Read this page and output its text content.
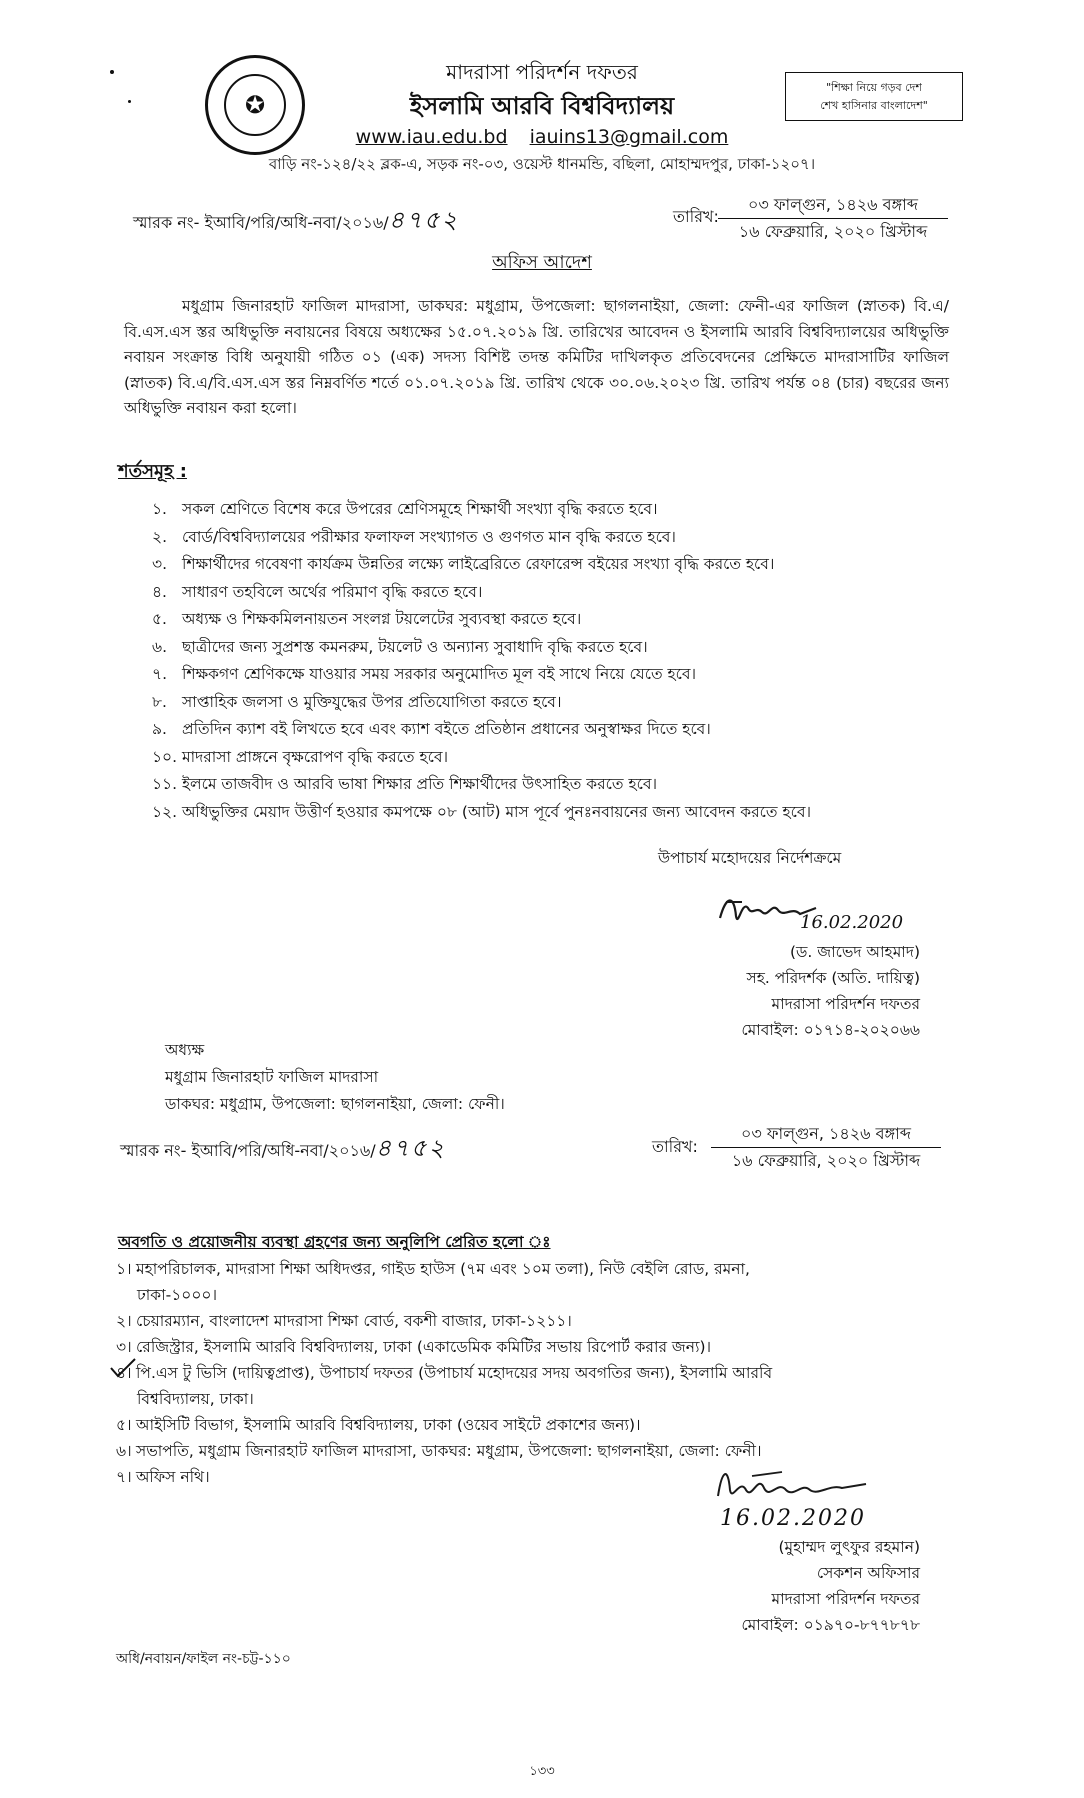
✪
মাদরাসা পরিদর্শন দফতর
ইসলামি আরবি বিশ্ববিদ্যালয়
www.iau.edu.bd iauins13@gmail.com
বাড়ি নং-১২৪/২২ ব্লক-এ, সড়ক নং-০৩, ওয়েস্ট ধানমন্ডি, বছিলা, মোহাম্মদপুর, ঢাকা-১২০৭।
"শিক্ষা নিয়ে গড়ব দেশ
শেখ হাসিনার বাংলাদেশ"
স্মারক নং- ইআবি/পরি/অধি-নবা/২০১৬/৪৭৫২	তারিখ:
০৩ ফাল্গুন, ১৪২৬ বঙ্গাব্দ
১৬ ফেব্রুয়ারি, ২০২০ খ্রিস্টাব্দ
অফিস আদেশ
মধুগ্রাম জিনারহাট ফাজিল মাদরাসা, ডাকঘর: মধুগ্রাম, উপজেলা: ছাগলনাইয়া, জেলা: ফেনী-এর ফাজিল (স্নাতক) বি.এ/বি.এস.এস স্তর অধিভুক্তি নবায়নের বিষয়ে অধ্যক্ষের ১৫.০৭.২০১৯ খ্রি. তারিখের আবেদন ও ইসলামি আরবি বিশ্ববিদ্যালয়ের অধিভুক্তি নবায়ন সংক্রান্ত বিধি অনুযায়ী গঠিত ০১ (এক) সদস্য বিশিষ্ট তদন্ত কমিটির দাখিলকৃত প্রতিবেদনের প্রেক্ষিতে মাদরাসাটির ফাজিল (স্নাতক) বি.এ/বি.এস.এস স্তর নিম্নবর্ণিত শর্তে ০১.০৭.২০১৯ খ্রি. তারিখ থেকে ৩০.০৬.২০২৩ খ্রি. তারিখ পর্যন্ত ০৪ (চার) বছরের জন্য অধিভুক্তি নবায়ন করা হলো।
শর্তসমূহ :
১. সকল শ্রেণিতে বিশেষ করে উপরের শ্রেণিসমূহে শিক্ষার্থী সংখ্যা বৃদ্ধি করতে হবে।
২. বোর্ড/বিশ্ববিদ্যালয়ের পরীক্ষার ফলাফল সংখ্যাগত ও গুণগত মান বৃদ্ধি করতে হবে।
৩. শিক্ষার্থীদের গবেষণা কার্যক্রম উন্নতির লক্ষ্যে লাইব্রেরিতে রেফারেন্স বইয়ের সংখ্যা বৃদ্ধি করতে হবে।
৪. সাধারণ তহবিলে অর্থের পরিমাণ বৃদ্ধি করতে হবে।
৫. অধ্যক্ষ ও শিক্ষকমিলনায়তন সংলগ্ন টয়লেটের সুব্যবস্থা করতে হবে।
৬. ছাত্রীদের জন্য সুপ্রশস্ত কমনরুম, টয়লেট ও অন্যান্য সুবাধাদি বৃদ্ধি করতে হবে।
৭. শিক্ষকগণ শ্রেণিকক্ষে যাওয়ার সময় সরকার অনুমোদিত মূল বই সাথে নিয়ে যেতে হবে।
৮. সাপ্তাহিক জলসা ও মুক্তিযুদ্ধের উপর প্রতিযোগিতা করতে হবে।
৯. প্রতিদিন ক্যাশ বই লিখতে হবে এবং ক্যাশ বইতে প্রতিষ্ঠান প্রধানের অনুস্বাক্ষর দিতে হবে।
১০. মাদরাসা প্রাঙ্গনে বৃক্ষরোপণ বৃদ্ধি করতে হবে।
১১. ইলমে তাজবীদ ও আরবি ভাষা শিক্ষার প্রতি শিক্ষার্থীদের উৎসাহিত করতে হবে।
১২. অধিভুক্তির মেয়াদ উত্তীর্ণ হওয়ার কমপক্ষে ০৮ (আট) মাস পূর্বে পুনঃনবায়নের জন্য আবেদন করতে হবে।
উপাচার্য মহোদয়ের নির্দেশক্রমে
16.02.2020
(ড. জাভেদ আহমাদ)
সহ. পরিদর্শক (অতি. দায়িত্ব)
মাদরাসা পরিদর্শন দফতর
মোবাইল: ০১৭১৪-২০২০৬৬
অধ্যক্ষ
মধুগ্রাম জিনারহাট ফাজিল মাদরাসা
ডাকঘর: মধুগ্রাম, উপজেলা: ছাগলনাইয়া, জেলা: ফেনী।
স্মারক নং- ইআবি/পরি/অধি-নবা/২০১৬/৪৭৫২	তারিখ:
০৩ ফাল্গুন, ১৪২৬ বঙ্গাব্দ
১৬ ফেব্রুয়ারি, ২০২০ খ্রিস্টাব্দ
অবগতি ও প্রয়োজনীয় ব্যবস্থা গ্রহণের জন্য অনুলিপি প্রেরিত হলো ঃ
১। মহাপরিচালক, মাদরাসা শিক্ষা অধিদপ্তর, গাইড হাউস (৭ম এবং ১০ম তলা), নিউ বেইলি রোড, রমনা,
ঢাকা-১০০০।
২। চেয়ারম্যান, বাংলাদেশ মাদরাসা শিক্ষা বোর্ড, বকশী বাজার, ঢাকা-১২১১।
৩। রেজিস্ট্রার, ইসলামি আরবি বিশ্ববিদ্যালয়, ঢাকা (একাডেমিক কমিটির সভায় রিপোর্ট করার জন্য)।
৪। পি.এস টু ভিসি (দায়িত্বপ্রাপ্ত), উপাচার্য দফতর (উপাচার্য মহোদয়ের সদয় অবগতির জন্য), ইসলামি আরবি
বিশ্ববিদ্যালয়, ঢাকা।
৫। আইসিটি বিভাগ, ইসলামি আরবি বিশ্ববিদ্যালয়, ঢাকা (ওয়েব সাইটে প্রকাশের জন্য)।
৬। সভাপতি, মধুগ্রাম জিনারহাট ফাজিল মাদরাসা, ডাকঘর: মধুগ্রাম, উপজেলা: ছাগলনাইয়া, জেলা: ফেনী।
৭। অফিস নথি।
16.02.2020
(মুহাম্মদ লুৎফুর রহমান)
সেকশন অফিসার
মাদরাসা পরিদর্শন দফতর
মোবাইল: ০১৯৭০-৮৭৭৮৭৮
অধি/নবায়ন/ফাইল নং-চট্ট-১১০
১৩৩
